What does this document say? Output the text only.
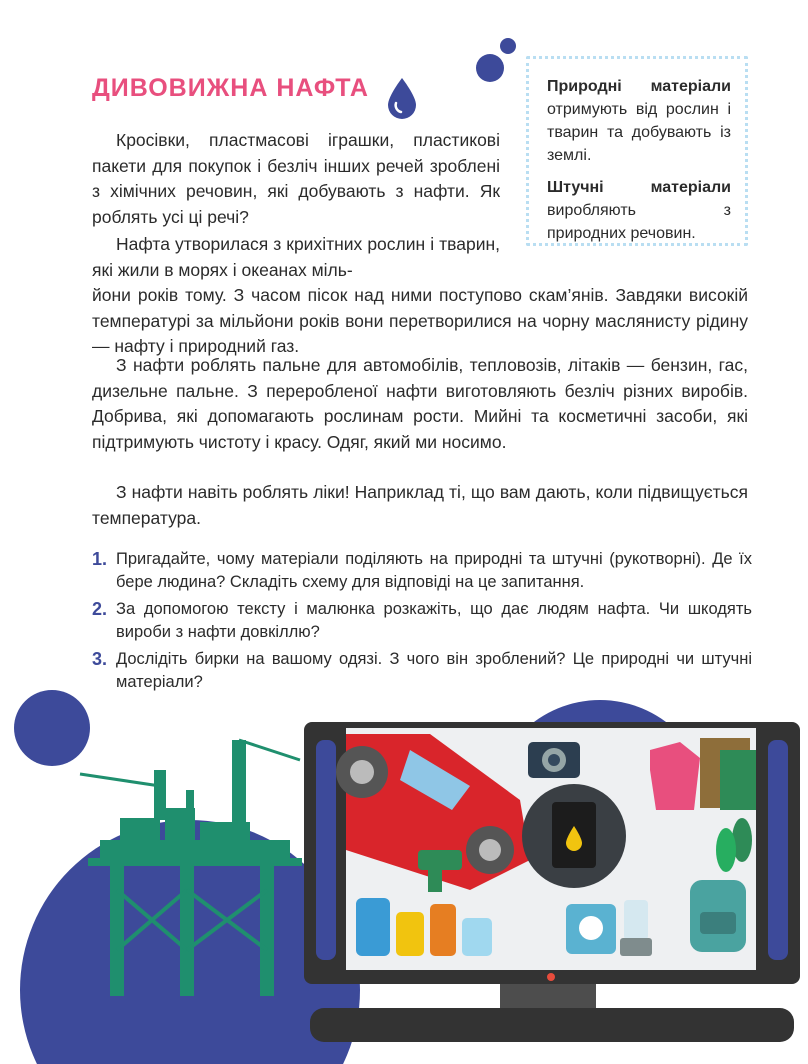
ДИВОВИЖНА НАФТА	Природні матеріали отримують від рослин і тварин та добувають із землі.

Штучні матеріали виробляють з природних речовин.

Кросівки, пластмасові іграшки, пластикові пакети для покупок і безліч інших речей зроблені з хімічних речовин, які добувають з нафти. Як роблять усі ці речі?
Нафта утворилася з крихітних рослин і тварин, які жили в морях і океанах міль-
йони років тому. З часом пісок над ними поступово скам’янів. Завдяки високій температурі за мільйони років вони перетворилися на чорну маслянисту рідину — нафту і природний газ.
З нафти роблять пальне для автомобілів, тепловозів, літаків — бензин, гас, дизельне пальне. З переробленої нафти виготовляють безліч різних виробів. Добрива, які допомагають рослинам рости. Мийні та косметичні засоби, які підтримують чистоту і красу. Одяг, який ми носимо.
З нафти навіть роблять ліки! Наприклад ті, що вам дають, коли підвищується температура.
1. Пригадайте, чому матеріали поділяють на природні та штучні (рукотворні). Де їх бере людина? Складіть схему для відповіді на це запитання.
2. За допомогою тексту і малюнка розкажіть, що дає людям нафта. Чи шкодять вироби з нафти довкіллю?
3. Дослідіть бирки на вашому одязі. З чого він зроблений? Це природні чи штучні матеріали?
